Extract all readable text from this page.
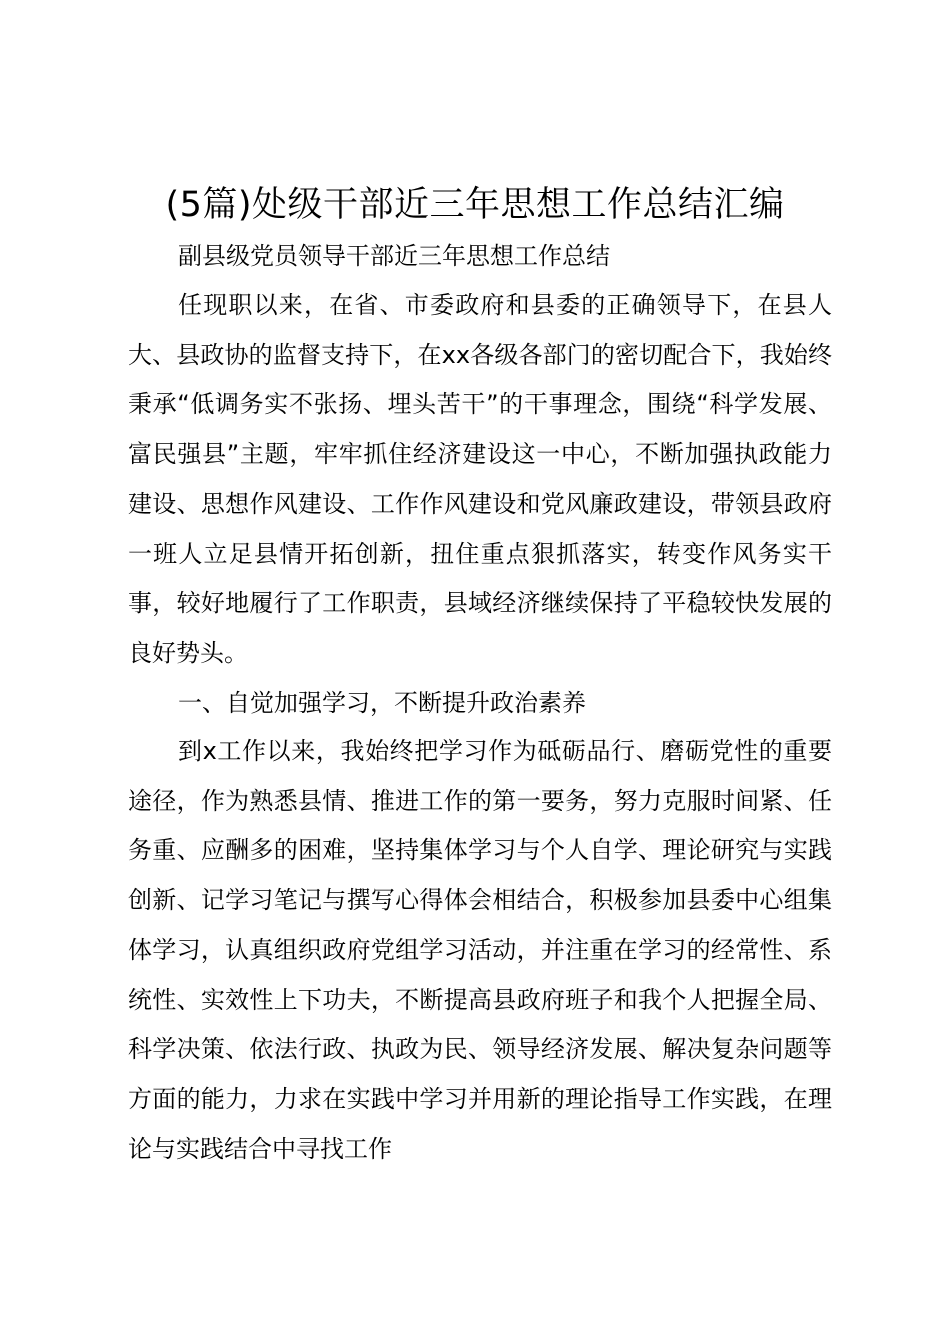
(5篇)处级干部近三年思想工作总结汇编

副县级党员领导干部近三年思想工作总结

任现职以来，在省、市委政府和县委的正确领导下，在县人大、县政协的监督支持下，在xx各级各部门的密切配合下，我始终秉承“低调务实不张扬、埋头苦干”的干事理念，围绕“科学发展、富民强县”主题，牢牢抓住经济建设这一中心，不断加强执政能力建设、思想作风建设、工作作风建设和党风廉政建设，带领县政府一班人立足县情开拓创新，扭住重点狠抓落实，转变作风务实干事，较好地履行了工作职责，县域经济继续保持了平稳较快发展的良好势头。

一、自觉加强学习，不断提升政治素养

到x工作以来，我始终把学习作为砥砺品行、磨砺党性的重要途径，作为熟悉县情、推进工作的第一要务，努力克服时间紧、任务重、应酬多的困难，坚持集体学习与个人自学、理论研究与实践创新、记学习笔记与撰写心得体会相结合，积极参加县委中心组集体学习，认真组织政府党组学习活动，并注重在学习的经常性、系统性、实效性上下功夫，不断提高县政府班子和我个人把握全局、科学决策、依法行政、执政为民、领导经济发展、解决复杂问题等方面的能力，力求在实践中学习并用新的理论指导工作实践，在理论与实践结合中寻找工作
